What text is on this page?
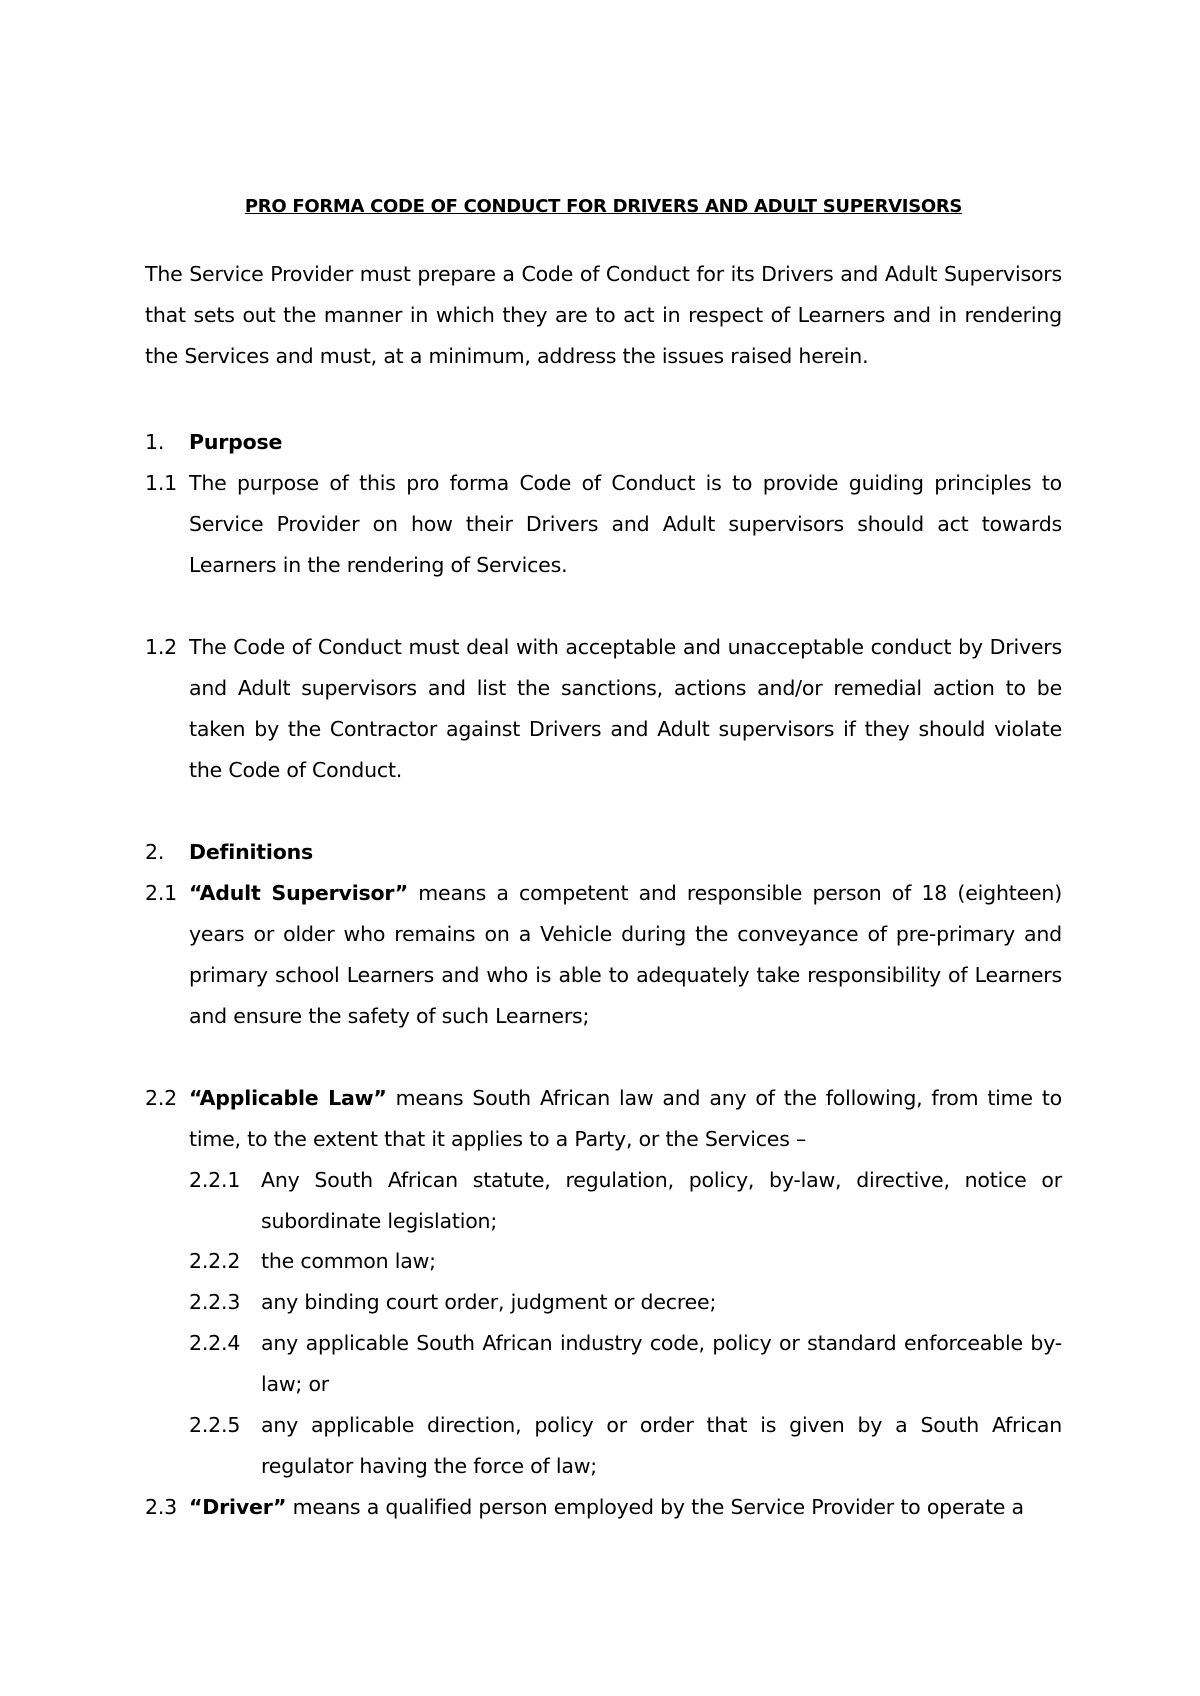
PRO FORMA CODE OF CONDUCT FOR DRIVERS AND ADULT SUPERVISORS
The Service Provider must prepare a Code of Conduct for its Drivers and Adult Supervisors that sets out the manner in which they are to act in respect of Learners and in rendering the Services and must, at a minimum, address the issues raised herein.
1. Purpose
1.1 The purpose of this pro forma Code of Conduct is to provide guiding principles to Service Provider on how their Drivers and Adult supervisors should act towards Learners in the rendering of Services.
1.2 The Code of Conduct must deal with acceptable and unacceptable conduct by Drivers and Adult supervisors and list the sanctions, actions and/or remedial action to be taken by the Contractor against Drivers and Adult supervisors if they should violate the Code of Conduct.
2. Definitions
2.1 “Adult Supervisor” means a competent and responsible person of 18 (eighteen) years or older who remains on a Vehicle during the conveyance of pre-primary and primary school Learners and who is able to adequately take responsibility of Learners and ensure the safety of such Learners;
2.2 “Applicable Law” means South African law and any of the following, from time to time, to the extent that it applies to a Party, or the Services –
2.2.1 Any South African statute, regulation, policy, by-law, directive, notice or subordinate legislation;
2.2.2 the common law;
2.2.3 any binding court order, judgment or decree;
2.2.4 any applicable South African industry code, policy or standard enforceable by-law; or
2.2.5 any applicable direction, policy or order that is given by a South African regulator having the force of law;
2.3 “Driver” means a qualified person employed by the Service Provider to operate a
